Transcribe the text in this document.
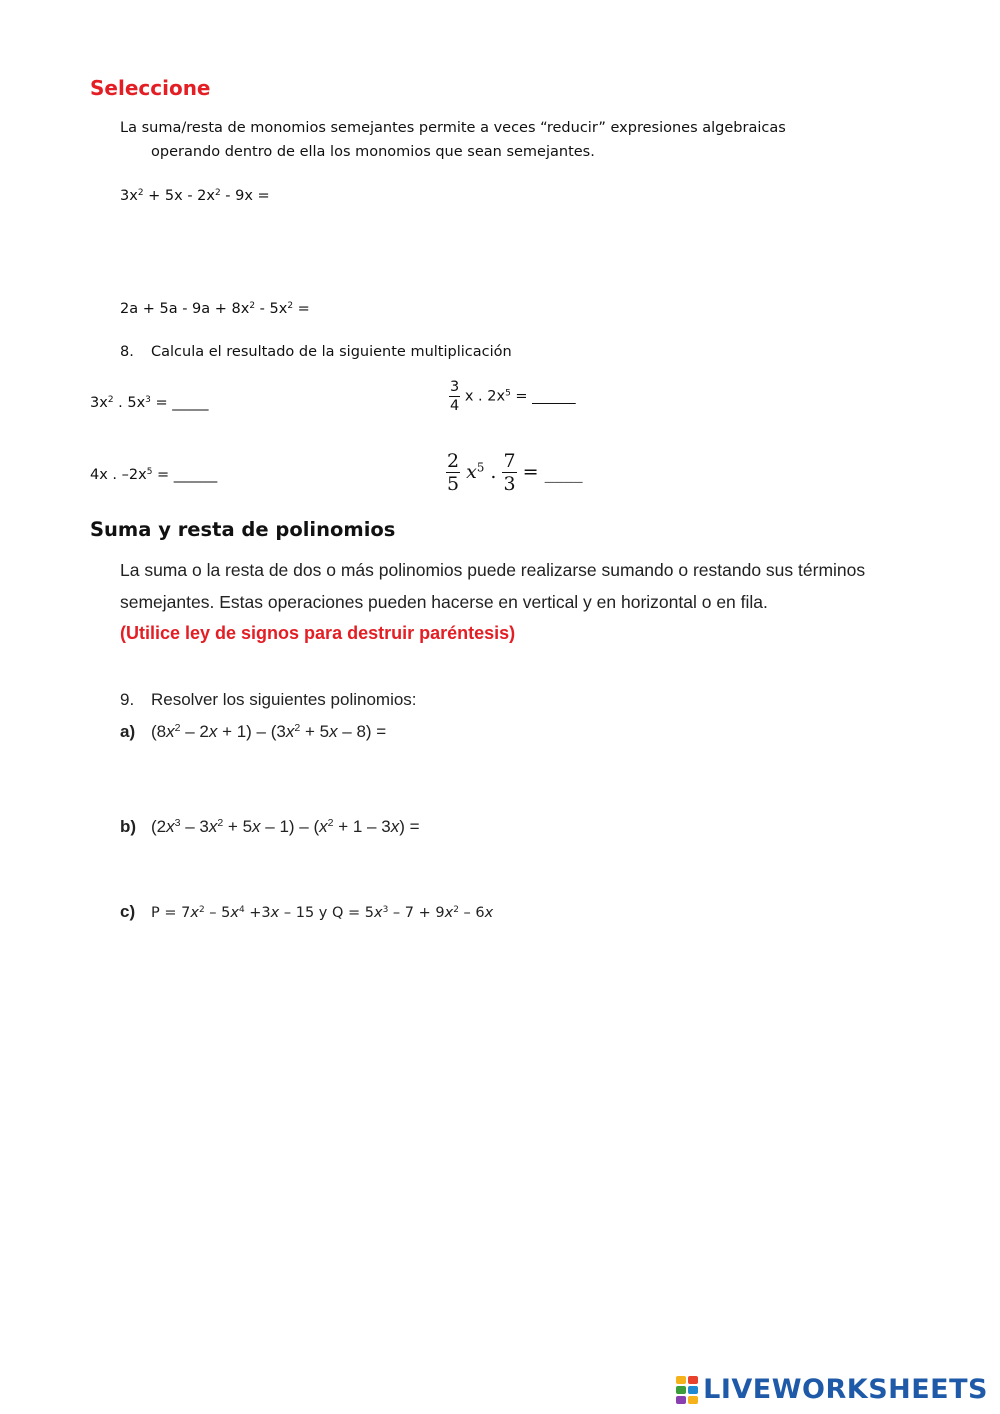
Seleccione
La suma/resta de monomios semejantes permite a veces “reducir” expresiones algebraicas
operando dentro de ella los monomios que sean semejantes.
$3x^2 + 5x - 2x^2 - 9x$ =
$2a + 5a - 9a + 8x^2 - 5x^2$ =
8. Calcula el resultado de la siguiente multiplicación
$3x^2$ . $5x^3$ = _____	$\frac{3}{4}$ x . $2x^5$ = ______
4x . $-2x^5$ = ______	$\frac{2}{5} x^5$ . $\frac{7}{3}$ = ____
Suma y resta de polinomios
La suma o la resta de dos o más polinomios puede realizarse sumando o restando sus términos
semejantes. Estas operaciones pueden hacerse en vertical y en horizontal o en fila.
(Utilice ley de signos para destruir paréntesis)
9. Resolver los siguientes polinomios:
a) $(8x^2 - 2x + 1) - (3x^2 + 5x - 8)$ =
b) $(2x^3 - 3x^2 + 5x - 1) - (x^2 + 1 - 3x)$ =
c) $P = 7x^2 - 5x^4 +3x - 15$ y $Q = 5x^3 - 7 + 9x^2 - 6x$
LIVEWORKSHEETS
